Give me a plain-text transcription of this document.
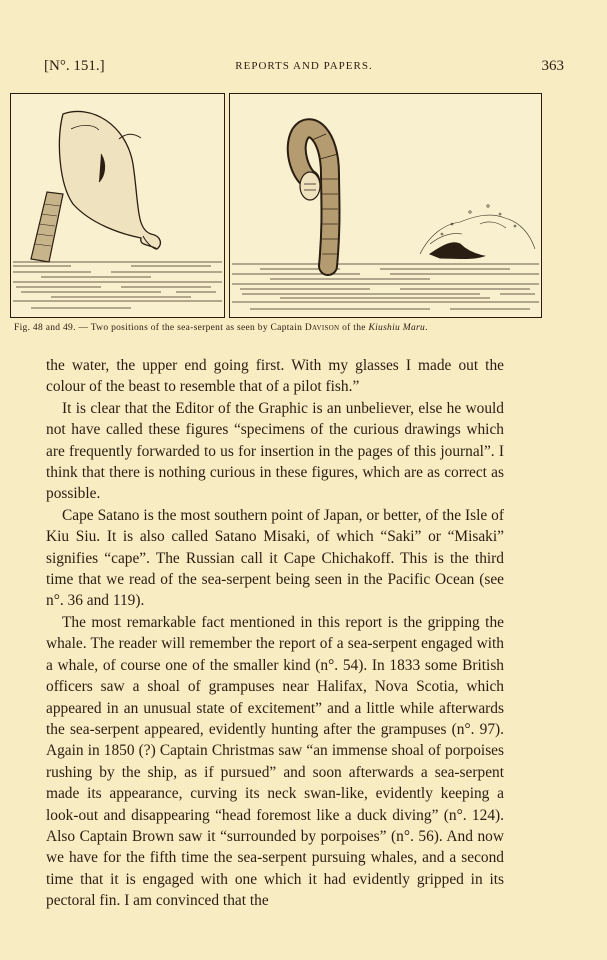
[N°. 151.]	REPORTS AND PAPERS.	363
Fig. 48 and 49. — Two positions of the sea-serpent as seen by Captain Davison of the Kiushiu Maru.

the water, the upper end going first. With my glasses I made out the colour of the beast to resemble that of a pilot fish.”

It is clear that the Editor of the Graphic is an unbeliever, else he would not have called these figures “specimens of the curious drawings which are frequently forwarded to us for insertion in the pages of this journal”. I think that there is nothing curious in these figures, which are as correct as possible.

Cape Satano is the most southern point of Japan, or better, of the Isle of Kiu Siu. It is also called Satano Misaki, of which “Saki” or “Misaki” signifies “cape”. The Russian call it Cape Chichakoff. This is the third time that we read of the sea-serpent being seen in the Pacific Ocean (see n°. 36 and 119).

The most remarkable fact mentioned in this report is the gripping the whale. The reader will remember the report of a sea-serpent engaged with a whale, of course one of the smaller kind (n°. 54). In 1833 some British officers saw a shoal of grampuses near Halifax, Nova Scotia, which appeared in an unusual state of excitement” and a little while afterwards the sea-serpent appeared, evidently hunting after the grampuses (n°. 97). Again in 1850 (?) Captain Christmas saw “an immense shoal of porpoises rushing by the ship, as if pursued” and soon afterwards a sea-serpent made its appearance, curving its neck swan-like, evidently keeping a look-out and disappearing “head foremost like a duck diving” (n°. 124). Also Captain Brown saw it “surrounded by porpoises” (n°. 56). And now we have for the fifth time the sea-serpent pursuing whales, and a second time that it is engaged with one which it had evidently gripped in its pectoral fin. I am convinced that the
